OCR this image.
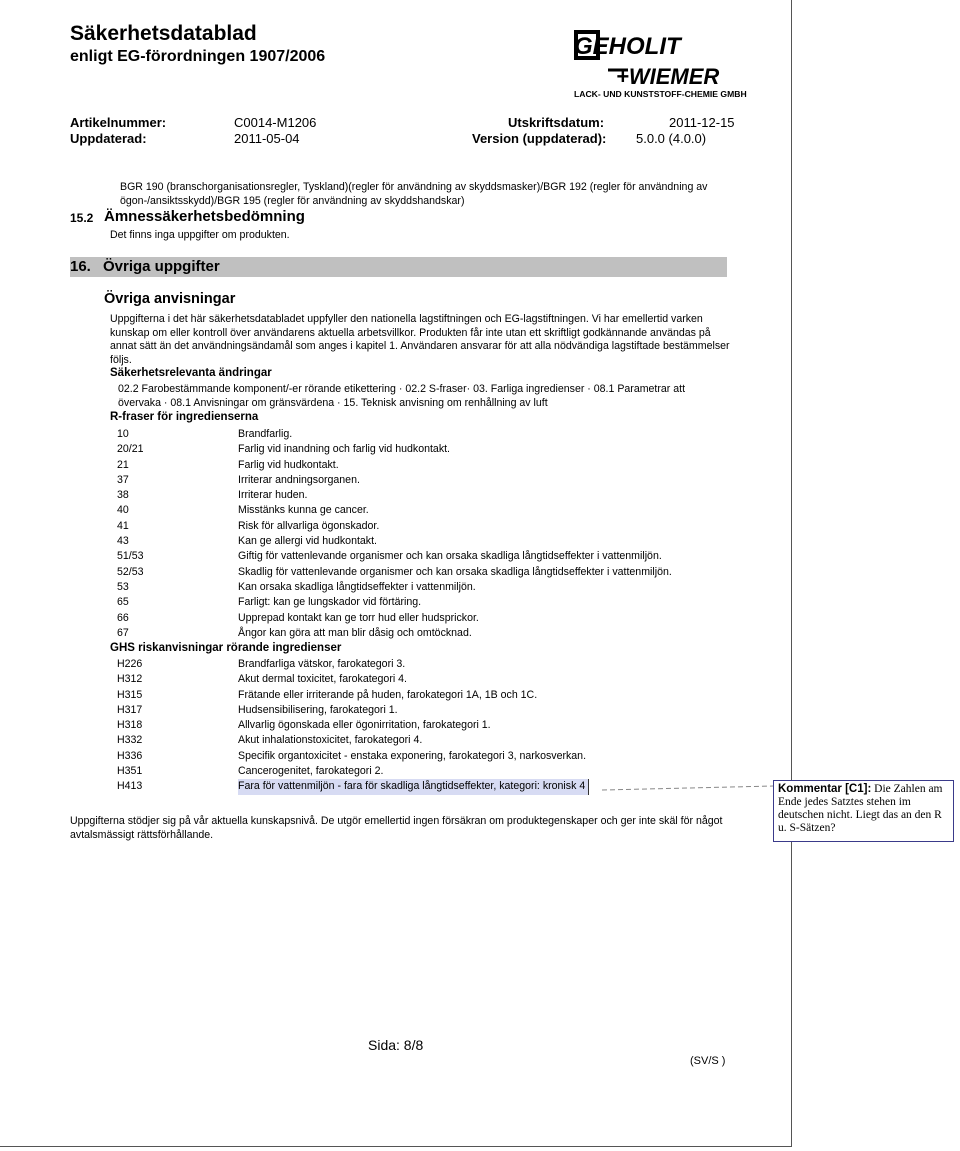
Säkerhetsdatablad
enligt EG-förordningen 1907/2006	GEHOLIT
+WIEMER
LACK- UND KUNSTSTOFF-CHEMIE GMBH
Artikelnummer:	C0014-M1206	Utskriftsdatum:	2011-12-15
Uppdaterad:	2011-05-04	Version (uppdaterad): 5.0.0 (4.0.0)
BGR 190 (branschorganisationsregler, Tyskland)(regler för användning av skyddsmasker)/BGR 192 (regler för användning av ögon-/ansiktsskydd)/BGR 195 (regler för användning av skyddshandskar)
15.2 Ämnessäkerhetsbedömning
Det finns inga uppgifter om produkten.
16. Övriga uppgifter
Övriga anvisningar
Uppgifterna i det här säkerhetsdatabladet uppfyller den nationella lagstiftningen och EG-lagstiftningen. Vi har emellertid varken kunskap om eller kontroll över användarens aktuella arbetsvillkor. Produkten får inte utan ett skriftligt godkännande användas på annat sätt än det användningsändamål som anges i kapitel 1. Användaren ansvarar för att alla nödvändiga lagstiftade bestämmelser följs.
Säkerhetsrelevanta ändringar
02.2 Farobestämmande komponent/-er rörande etikettering · 02.2 S-fraser· 03. Farliga ingredienser · 08.1 Parametrar att övervaka · 08.1 Anvisningar om gränsvärdena · 15. Teknisk anvisning om renhållning av luft
R-fraser för ingredienserna
10	Brandfarlig.
20/21	Farlig vid inandning och farlig vid hudkontakt.
21	Farlig vid hudkontakt.
37	Irriterar andningsorganen.
38	Irriterar huden.
40	Misstänks kunna ge cancer.
41	Risk för allvarliga ögonskador.
43	Kan ge allergi vid hudkontakt.
51/53	Giftig för vattenlevande organismer och kan orsaka skadliga långtidseffekter i vattenmiljön.
52/53	Skadlig för vattenlevande organismer och kan orsaka skadliga långtidseffekter i vattenmiljön.
53	Kan orsaka skadliga långtidseffekter i vattenmiljön.
65	Farligt: kan ge lungskador vid förtäring.
66	Upprepad kontakt kan ge torr hud eller hudsprickor.
67	Ångor kan göra att man blir dåsig och omtöcknad.
GHS riskanvisningar rörande ingredienser
H226	Brandfarliga vätskor, farokategori 3.
H312	Akut dermal toxicitet, farokategori 4.
H315	Frätande eller irriterande på huden, farokategori 1A, 1B och 1C.
H317	Hudsensibilisering, farokategori 1.
H318	Allvarlig ögonskada eller ögonirritation, farokategori 1.
H332	Akut inhalationstoxicitet, farokategori 4.
H336	Specifik organtoxicitet - enstaka exponering, farokategori 3, narkosverkan.
H351	Cancerogenitet, farokategori 2.
H413	Fara för vattenmiljön - fara för skadliga långtidseffekter, kategori: kronisk 4
Uppgifterna stödjer sig på vår aktuella kunskapsnivå. De utgör emellertid ingen försäkran om produktegenskaper och ger inte skäl för något avtalsmässigt rättsförhållande.
Sida: 8/8
(SV/S )
Kommentar [C1]: Die Zahlen am Ende jedes Satztes stehen im deutschen nicht. Liegt das an den R u. S-Sätzen?
